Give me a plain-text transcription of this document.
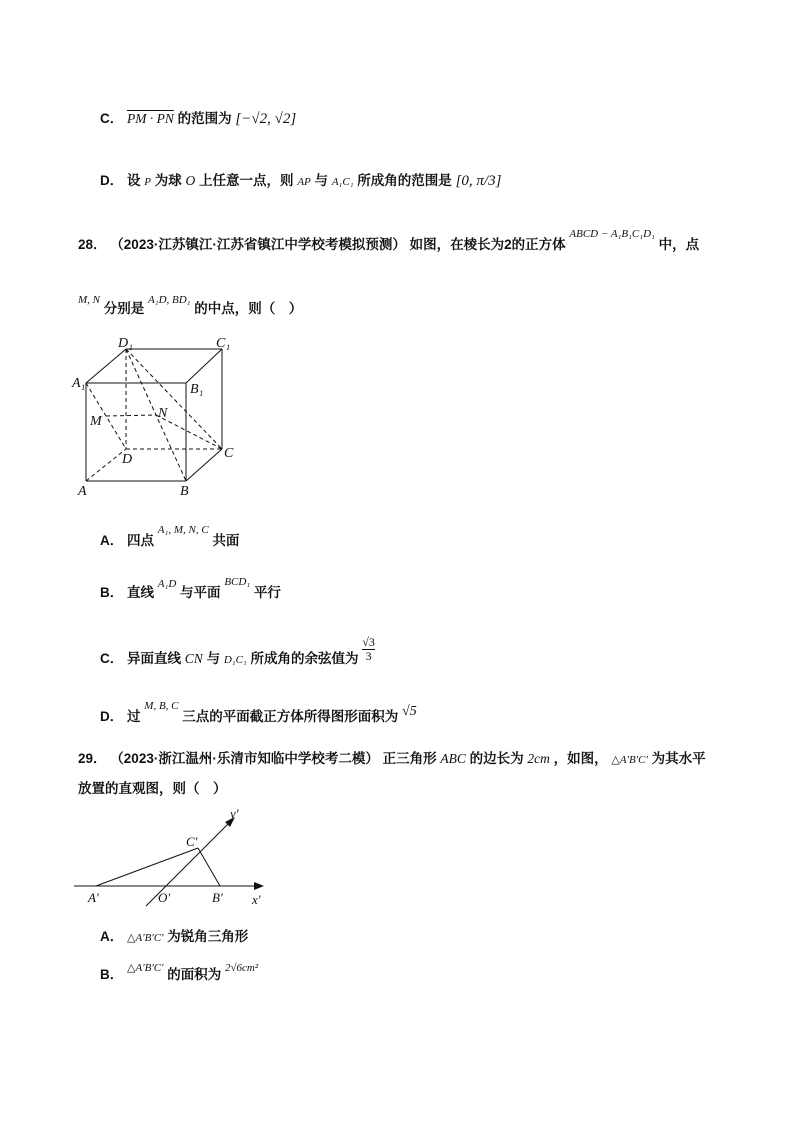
C． PM · PN 的范围为 [−√2, √2]
D． 设 P 为球 O 上任意一点，则 AP 与 A₁C₁ 所成角的范围是 [0, π/3]
28． （2023·江苏镇江·江苏省镇江中学校考模拟预测） 如图，在棱长为2的正方体 $^{ABCD - A_1B_1C_1D_1}$ 中，点
$^{M, N}$ 分别是 $^{A_1D, BD_1}$ 的中点，则（　）
D₁	C₁
A₁	B₁
M
N
D	C
A	B
A． 四点 $^{A_1, M, N, C}$ 共面
B． 直线 $^{A_1D}$ 与平面 $^{BCD_1}$ 平行
C． 异面直线 CN 与 D₁C₁ 所成角的余弦值为 $\frac{√3}{3}$
D． 过 $^{M, B, C}$ 三点的平面截正方体所得图形面积为 √5
29． （2023·浙江温州·乐清市知临中学校考二模） 正三角形 ABC 的边长为 2cm ，如图， △A′B′C′ 为其水平
放置的直观图，则（　）
y′
C′
A′	O′	B′ x′
A． △A′B′C′ 为锐角三角形
B． $^{\triangle A'B'C'}$ 的面积为 $^{2√6cm^2}$
